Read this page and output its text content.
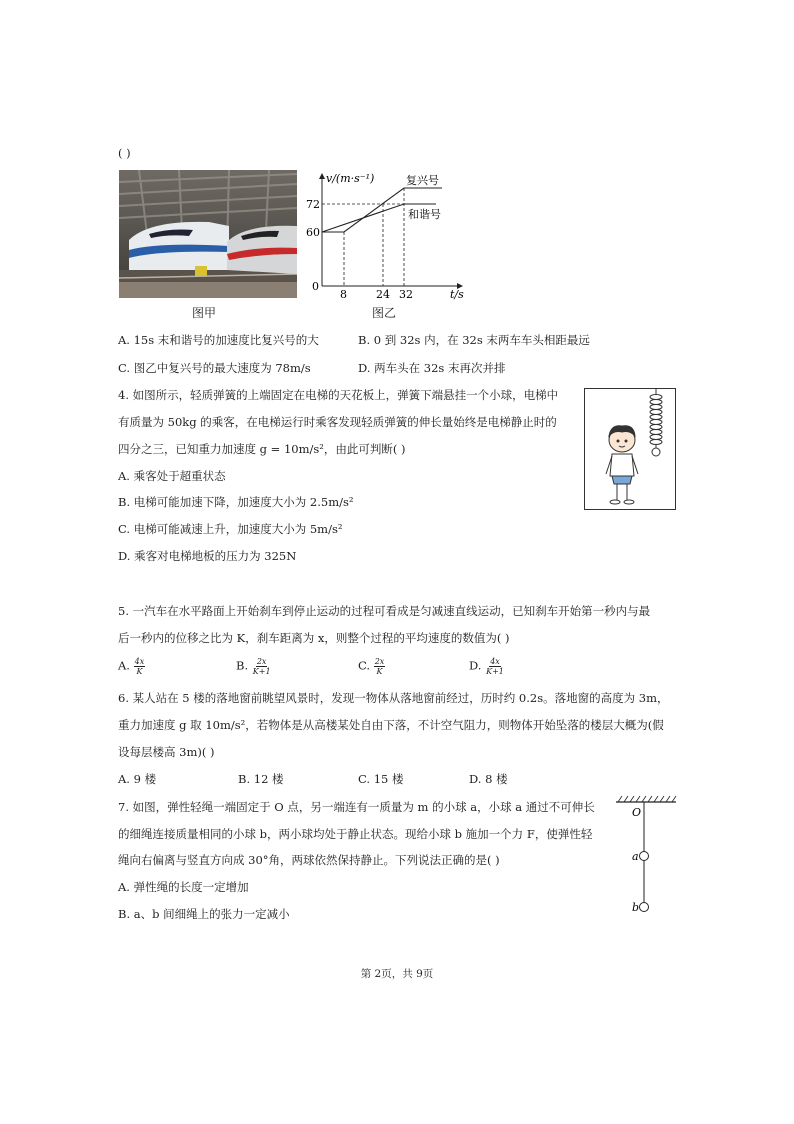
( )
图甲
v/(m·s⁻¹)
t/s
0
72
60
8	24 32
复兴号
和谐号
图乙
A. 15s 末和谐号的加速度比复兴号的大	B. 0 到 32s 内，在 32s 末两车车头相距最远
C. 图乙中复兴号的最大速度为 78m/s	D. 两车头在 32s 末再次并排
4. 如图所示，轻质弹簧的上端固定在电梯的天花板上，弹簧下端悬挂一个小球，电梯中
有质量为 50kg 的乘客，在电梯运行时乘客发现轻质弹簧的伸长量始终是电梯静止时的
四分之三，已知重力加速度 g = 10m/s²，由此可判断( )
A. 乘客处于超重状态
B. 电梯可能加速下降，加速度大小为 2.5m/s²
C. 电梯可能减速上升，加速度大小为 5m/s²
D. 乘客对电梯地板的压力为 325N
5. 一汽车在水平路面上开始刹车到停止运动的过程可看成是匀减速直线运动，已知刹车开始第一秒内与最
后一秒内的位移之比为 K，刹车距离为 x，则整个过程的平均速度的数值为( )
A. $\frac{4x}{K}$	B. $\frac{2x}{K+1}$	C. $\frac{2x}{K}$	D. $\frac{4x}{K+1}$
6. 某人站在 5 楼的落地窗前眺望风景时，发现一物体从落地窗前经过，历时约 0.2s。落地窗的高度为 3m，
重力加速度 g 取 10m/s²，若物体是从高楼某处自由下落，不计空气阻力，则物体开始坠落的楼层大概为(假
设每层楼高 3m)( )
A. 9 楼	B. 12 楼	C. 15 楼	D. 8 楼
7. 如图，弹性轻绳一端固定于 O 点，另一端连有一质量为 m 的小球 a，小球 a 通过不可伸长
的细绳连接质量相同的小球 b，两小球均处于静止状态。现给小球 b 施加一个力 F，使弹性轻
绳向右偏离与竖直方向成 30°角，两球依然保持静止。下列说法正确的是( )
A. 弹性绳的长度一定增加
B. a、b 间细绳上的张力一定减小
O
a
b
第 2页，共 9页
